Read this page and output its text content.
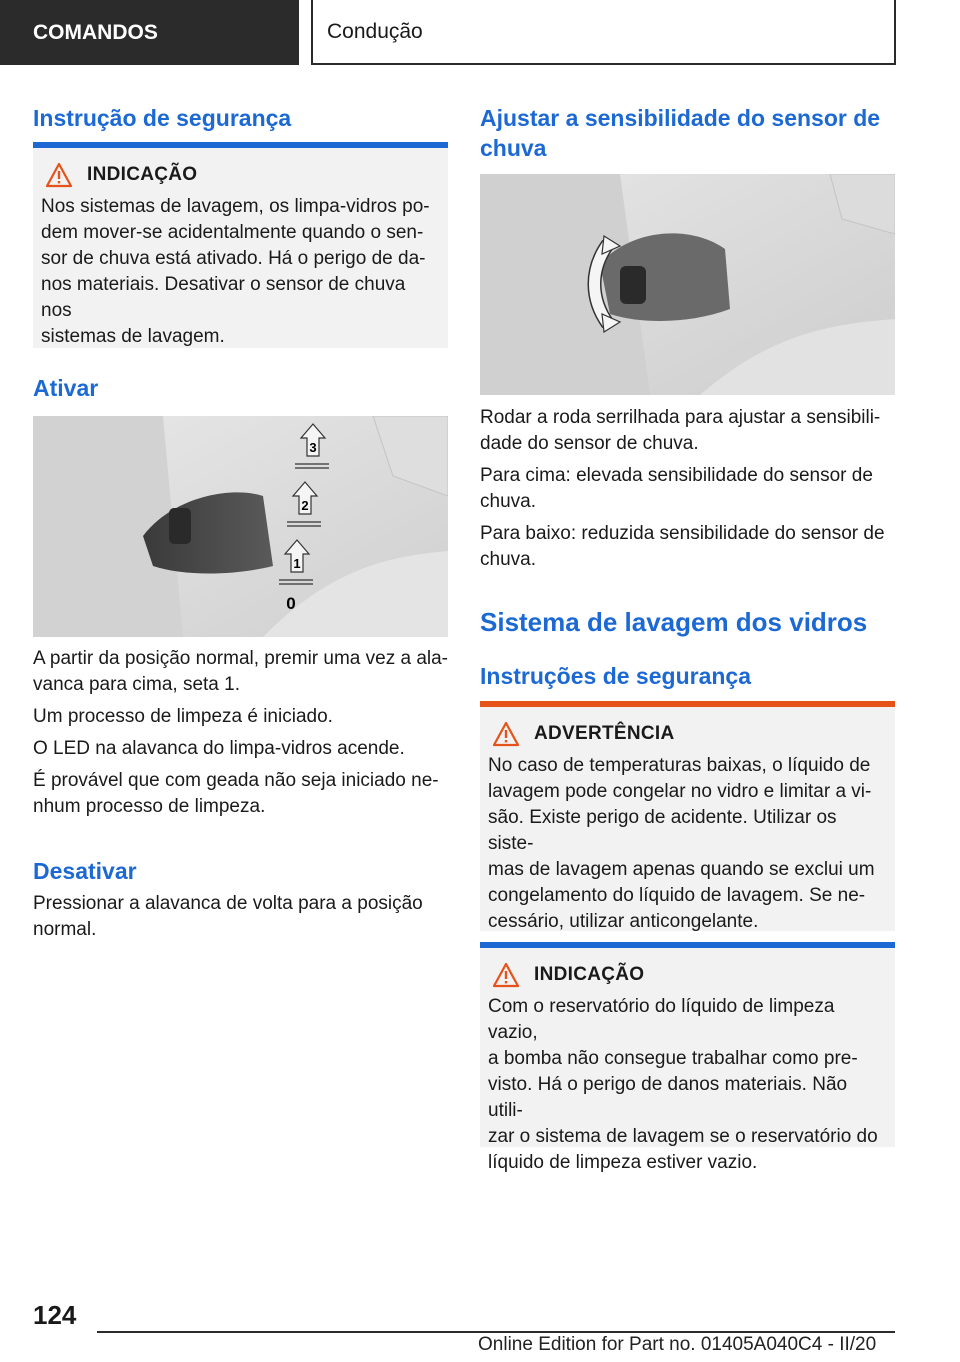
COMANDOS	Condução
Instrução de segurança
INDICAÇÃO

Nos sistemas de lavagem, os limpa-vidros po-

dem mover-se acidentalmente quando o sen-

sor de chuva está ativado. Há o perigo de da-

nos materiais. Desativar o sensor de chuva nos

sistemas de lavagem.

Ativar
3
2
1
0

A partir da posição normal, premir uma vez a ala-

vanca para cima, seta 1.

Um processo de limpeza é iniciado.

O LED na alavanca do limpa-vidros acende.

É provável que com geada não seja iniciado ne-

nhum processo de limpeza.

Desativar

Pressionar a alavanca de volta para a posição

normal.

Ajustar a sensibilidade do sensor de
chuva

Rodar a roda serrilhada para ajustar a sensibili-

dade do sensor de chuva.

Para cima: elevada sensibilidade do sensor de

chuva.

Para baixo: reduzida sensibilidade do sensor de

chuva.

Sistema de lavagem dos vidros
Instruções de segurança
ADVERTÊNCIA

No caso de temperaturas baixas, o líquido de

lavagem pode congelar no vidro e limitar a vi-

são. Existe perigo de acidente. Utilizar os siste-

mas de lavagem apenas quando se exclui um

congelamento do líquido de lavagem. Se ne-

cessário, utilizar anticongelante.

INDICAÇÃO

Com o reservatório do líquido de limpeza vazio,

a bomba não consegue trabalhar como pre-

visto. Há o perigo de danos materiais. Não utili-

zar o sistema de lavagem se o reservatório do

líquido de limpeza estiver vazio.

124
Online Edition for Part no. 01405A040C4 - II/20
